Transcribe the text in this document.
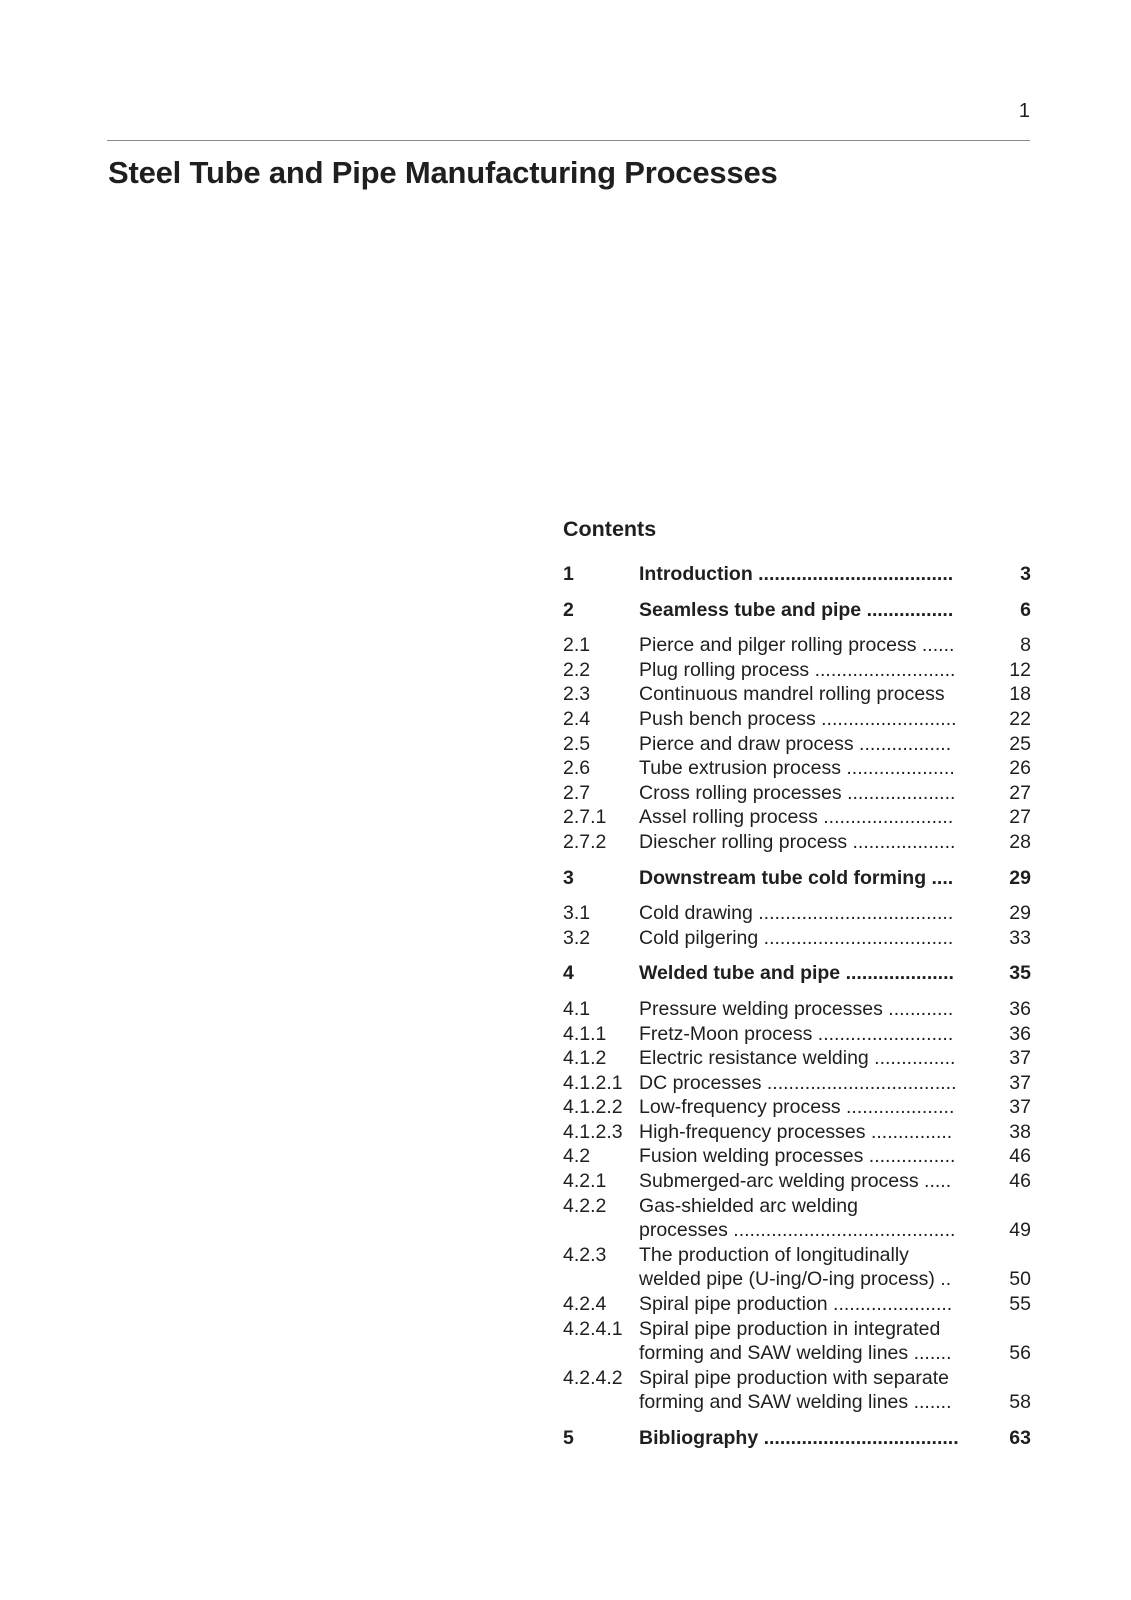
1
Steel Tube and Pipe Manufacturing Processes
Contents
1	Introduction ....................................	3
2	Seamless tube and pipe ................	6
2.1	Pierce and pilger rolling process ......	8
2.2	Plug rolling process ..........................	12
2.3	Continuous mandrel rolling process	18
2.4	Push bench process .........................	22
2.5	Pierce and draw process .................	25
2.6	Tube extrusion process ....................	26
2.7	Cross rolling processes ....................	27
2.7.1	Assel rolling process ........................	27
2.7.2	Diescher rolling process ...................	28
3	Downstream tube cold forming ....	29
3.1	Cold drawing ....................................	29
3.2	Cold pilgering ...................................	33
4	Welded tube and pipe ....................	35
4.1	Pressure welding processes ............	36
4.1.1	Fretz-Moon process .........................	36
4.1.2	Electric resistance welding ...............	37
4.1.2.1 DC processes ...................................	37
4.1.2.2 Low-frequency process ....................	37
4.1.2.3 High-frequency processes ...............	38
4.2	Fusion welding processes ................	46
4.2.1	Submerged-arc welding process .....	46
4.2.2	Gas-shielded arc welding
processes .........................................	49
4.2.3	The production of longitudinally
welded pipe (U-ing/O-ing process) ..	50
4.2.4	Spiral pipe production ......................	55
4.2.4.1 Spiral pipe production in integrated
forming and SAW welding lines .......	56
4.2.4.2 Spiral pipe production with separate
forming and SAW welding lines .......	58
5	Bibliography ....................................	63
